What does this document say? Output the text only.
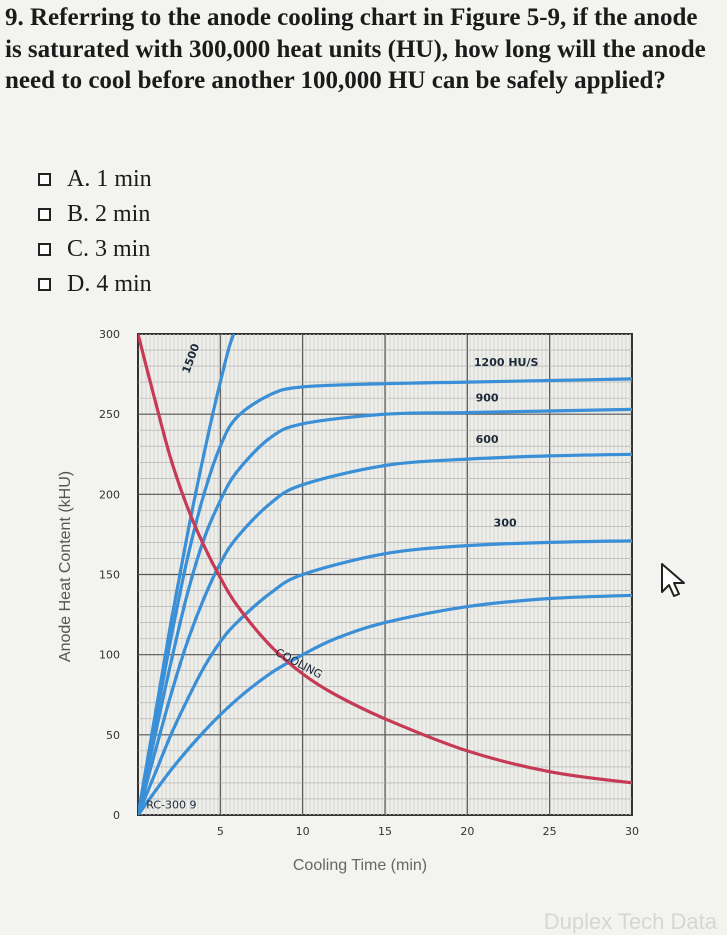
9. Referring to the anode cooling chart in Figure 5-9, if the anode is saturated with 300,000 heat units (HU), how long will the anode need to cool before another 100,000 HU can be safely applied?
A. 1 min
B. 2 min
C. 3 min
D. 4 min
1500	1200 HU/S
900
600
300
COOLING
RC-300 9
0
50
100
150
200
250
300
5	10	15	20	25	30
Cooling Time (min)
Anode Heat Content (kHU)
Duplex Tech Data
